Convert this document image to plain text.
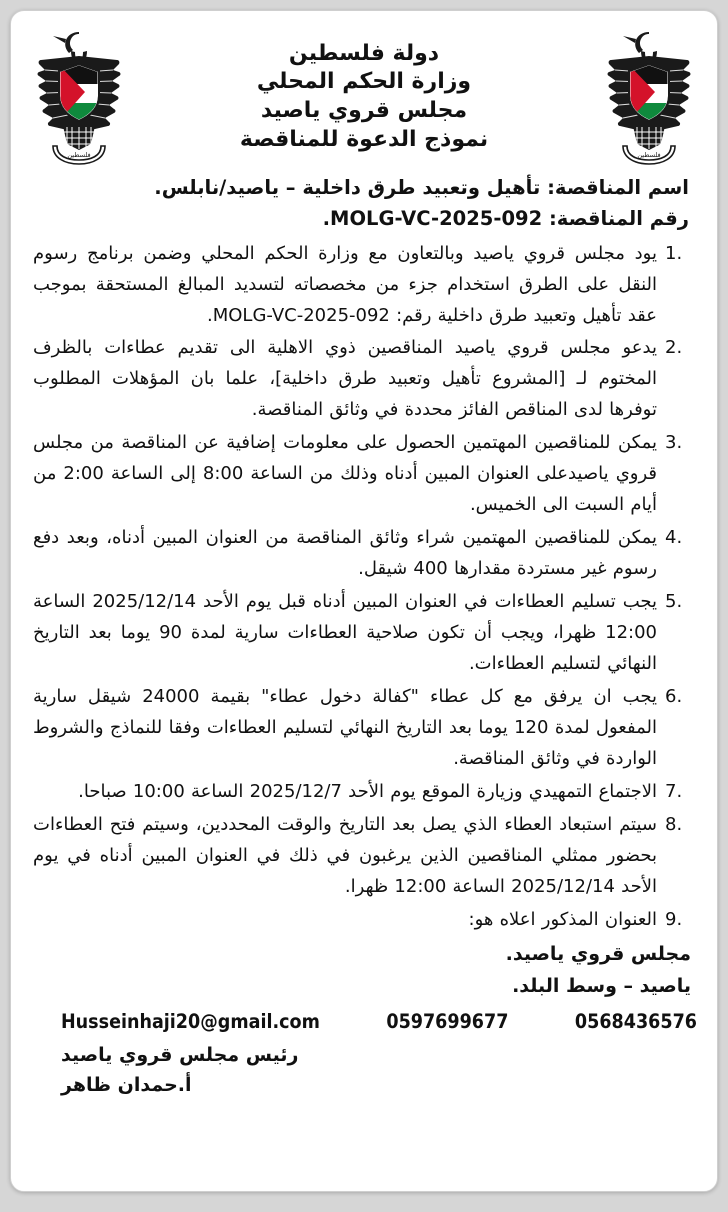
فلسطين
دولة فلسطين
وزارة الحكم المحلي
مجلس قروي ياصيد
نموذج الدعوة للمناقصة
فلسطين
اسم المناقصة: تأهيل وتعبيد طرق داخلية – ياصيد/نابلس.
رقم المناقصة: MOLG-VC-2025-092.
1.
يود مجلس قروي ياصيد وبالتعاون مع وزارة الحكم المحلي وضمن برنامج رسوم النقل على الطرق استخدام جزء من مخصصاته لتسديد المبالغ المستحقة بموجب عقد تأهيل وتعبيد طرق داخلية رقم: MOLG-VC-2025-092.
2.
يدعو مجلس قروي ياصيد المناقصين ذوي الاهلية الى تقديم عطاءات بالظرف المختوم لـ [المشروع تأهيل وتعبيد طرق داخلية]، علما بان المؤهلات المطلوب توفرها لدى المناقص الفائز محددة في وثائق المناقصة.
3.
يمكن للمناقصين المهتمين الحصول على معلومات إضافية عن المناقصة من مجلس قروي ياصيدعلى العنوان المبين أدناه وذلك من الساعة 8:00 إلى الساعة 2:00 من أيام السبت الى الخميس.
4.
يمكن للمناقصين المهتمين شراء وثائق المناقصة من العنوان المبين أدناه، وبعد دفع رسوم غير مستردة مقدارها 400 شيقل.
5.
يجب تسليم العطاءات في العنوان المبين أدناه قبل يوم الأحد 2025/12/14 الساعة 12:00 ظهرا، ويجب أن تكون صلاحية العطاءات سارية لمدة 90 يوما بعد التاريخ النهائي لتسليم العطاءات.
6.
يجب ان يرفق مع كل عطاء "كفالة دخول عطاء" بقيمة 24000 شيقل سارية المفعول لمدة 120 يوما بعد التاريخ النهائي لتسليم العطاءات وفقا للنماذج والشروط الواردة في وثائق المناقصة.
7.
الاجتماع التمهيدي وزيارة الموقع يوم الأحد 2025/12/7 الساعة 10:00 صباحا.
8.
سيتم استبعاد العطاء الذي يصل بعد التاريخ والوقت المحددين، وسيتم فتح العطاءات بحضور ممثلي المناقصين الذين يرغبون في ذلك في العنوان المبين أدناه في يوم الأحد 2025/12/14 الساعة 12:00 ظهرا.
9.
العنوان المذكور اعلاه هو:
مجلس قروي ياصيد.
ياصيد – وسط البلد.
0568436576
0597699677
Husseinhaji20@gmail.com
رئيس مجلس قروي ياصيد
أ.حمدان ظاهر
